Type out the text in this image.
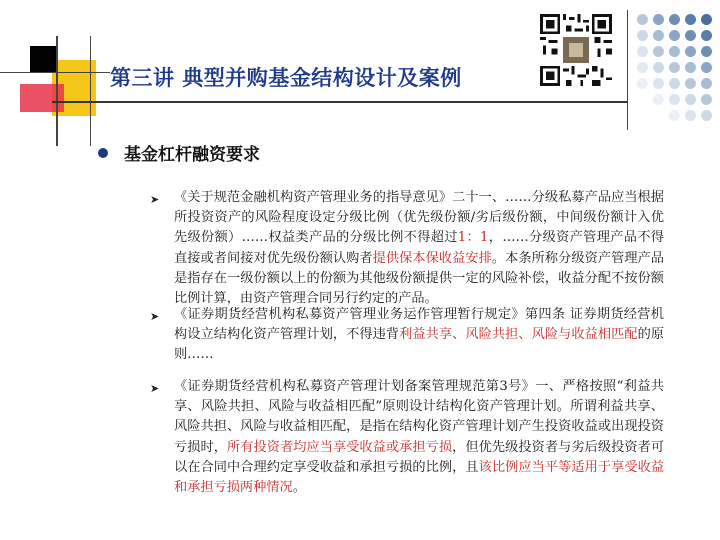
第三讲 典型并购基金结构设计及案例
基金杠杆融资要求
➤ 《关于规范金融机构资产管理业务的指导意见》二十一、……分级私募产品应当根据所投资资产的风险程度设定分级比例（优先级份额/劣后级份额，中间级份额计入优先级份额）……权益类产品的分级比例不得超过1：1，……分级资产管理产品不得直接或者间接对优先级份额认购者提供保本保收益安排。本条所称分级资产管理产品是指存在一级份额以上的份额为其他级份额提供一定的风险补偿，收益分配不按份额比例计算，由资产管理合同另行约定的产品。
➤ 《证券期货经营机构私募资产管理业务运作管理暂行规定》第四条 证券期货经营机构设立结构化资产管理计划，不得违背利益共享、风险共担、风险与收益相匹配的原则……
➤ 《证券期货经营机构私募资产管理计划备案管理规范第3号》一、严格按照“利益共享、风险共担、风险与收益相匹配”原则设计结构化资产管理计划。所谓利益共享、风险共担、风险与收益相匹配，是指在结构化资产管理计划产生投资收益或出现投资亏损时，所有投资者均应当享受收益或承担亏损，但优先级投资者与劣后级投资者可以在合同中合理约定享受收益和承担亏损的比例，且该比例应当平等适用于享受收益和承担亏损两种情况。
